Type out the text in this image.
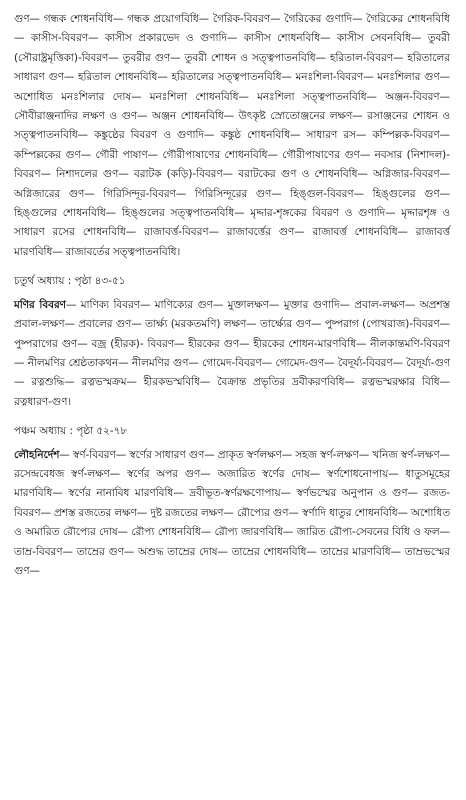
গুণ— গন্ধক শোধনবিধি— গন্ধক প্রয়োগবিধি— গৈরিক-বিবরণ— গৈরিকের গুণাদি— গৈরিকের শোধনবিধি— কাসীস-বিবরণ— কাসীস প্রকারভেদ ও গুণাদি— কাসীস শোধনবিধি— কাসীস সেবনবিধি— তুবরী (সৌরাষ্ট্রমৃত্তিকা)-বিবরণ— তুবরীর গুণ— তুবরী শোধন ও সত্ত্বপাতনবিধি— হরিতাল-বিবরণ— হরিতালের সাধারণ গুণ— হরিতাল শোধনবিধি— হরিতালের সত্ত্বপাতনবিধি— মনঃশিলা-বিবরণ— মনঃশিলার গুণ— অশোধিত মনঃশিলার দোষ— মনঃশিলা শোধনবিধি— মনঃশিলা সত্ত্বপাতনবিধি— অঞ্জন-বিবরণ— সৌবীরাঞ্জনাদির লক্ষণ ও গুণ— অঞ্জন শোধনবিধি— উৎকৃষ্ট স্রোতোঞ্জনের লক্ষণ— রসাঞ্জনের শোধন ও সত্ত্বপাতনবিধি— কঙ্কুষ্ঠের বিবরণ ও গুণাদি— কঙ্কুষ্ঠ শোধনবিধি— সাধারণ রস— কম্পিল্লক-বিবরণ— কম্পিল্লকের গুণ— গৌরী পাষাণ— গৌরীপাষাণের শোধনবিধি— গৌরীপাষাণের গুণ— নবসার (নিশাদল)-বিবরণ— নিশাদলের গুণ— বরাটক (কড়ি)-বিবরণ— বরাটকের গুণ ও শোধনবিধি— অগ্নিজার-বিবরণ— অগ্নিজারের গুণ— গিরিসিন্দূর-বিবরণ— গিরিসিন্দূরের গুণ— হিঙ্গুল-বিবরণ— হিঙ্গুলের গুণ— হিঙ্গুলের শোধনবিধি— হিঙ্গুলের সত্ত্বপাতনবিধি— মৃদ্দার-শৃঙ্গকের বিবরণ ও গুণাদি— মৃদ্দারশৃঙ্গ ও সাধারণ রসের শোধনবিধি— রাজাবর্ত্ত-বিবরণ— রাজাবর্ত্তের গুণ— রাজাবর্ত্ত শোধনবিধি— রাজাবর্ত্ত মারণবিধি— রাজাবর্তের সত্ত্বপাতনবিধি।

চতুর্থ অধ্যায় : পৃষ্ঠা ৪৩-৫১

মণির বিবরণ— মাণিক্য বিবরণ— মাণিক্যের গুণ— মুক্তালক্ষণ— মুক্তার গুণাদি— প্রবাল-লক্ষণ— অপ্রশস্ত প্রবাল-লক্ষণ— প্রবালের গুণ— তার্ক্ষ্য (মরকতমণি) লক্ষণ— তার্ক্ষ্যের গুণ— পুষ্পরাগ (পোখরাজ)-বিবরণ— পুষ্পরাগের গুণ— বজ্র (হীরক)- বিবরণ— হীরকের গুণ— হীরকের শোধন-মারণবিধি— নীলকান্তমণি-বিবরণ— নীলমণির শ্রেষ্ঠতাকথন— নীলমণির গুণ— গোমেদ-বিবরণ— গোমেদ-গুণ— বৈদূর্য্য-বিবরণ— বৈদূর্য্য-গুণ— রত্নশুদ্ধি— রত্নভস্মক্রম— হীরকভস্মবিধি— বৈক্রান্ত প্রভৃতির দ্রবীকরণবিধি— রত্নভস্মরক্ষার বিধি— রত্নধারণ-গুণ।

পঞ্চম অধ্যায় : পৃষ্ঠা ৫২-৭৮

লৌহনির্দেশ— স্বর্ণ-বিবরণ— স্বর্ণের সাধারণ গুণ— প্রাকৃত স্বর্ণলক্ষণ— সহজ স্বর্ণ-লক্ষণ— খনিজ স্বর্ণ-লক্ষণ— রসেন্দ্রবেধজ স্বর্ণ-লক্ষণ— স্বর্ণের অপর গুণ— অজারিত স্বর্ণের দোষ— স্বর্ণশোধনোপায়— ধাতুসমূহের মারণবিধি— স্বর্ণের নানাবিধ মারণবিধি— দ্রবীভূত-স্বর্ণরক্ষণোপায়— স্বর্ণভস্মের অনুপান ও গুণ— রজত-বিবরণ— প্রশস্ত রজতের লক্ষণ— দুষ্ট রজতের লক্ষণ— রৌপ্যের গুণ— স্বর্ণাদি ধাতুর শোধনবিধি— অশোধিত ও অমারিত রৌপ্যের দোষ— রৌপ্য শোধনবিধি— রৌপ্য জারণবিধি— জারিত রৌপ্য-সেবনের বিধি ও ফল— তাম্র-বিবরণ— তাম্রের গুণ— অশুদ্ধ তাম্রের দোষ— তাম্রের শোধনবিধি— তাম্রের মারণবিধি— তাম্রভস্মের গুণ—
